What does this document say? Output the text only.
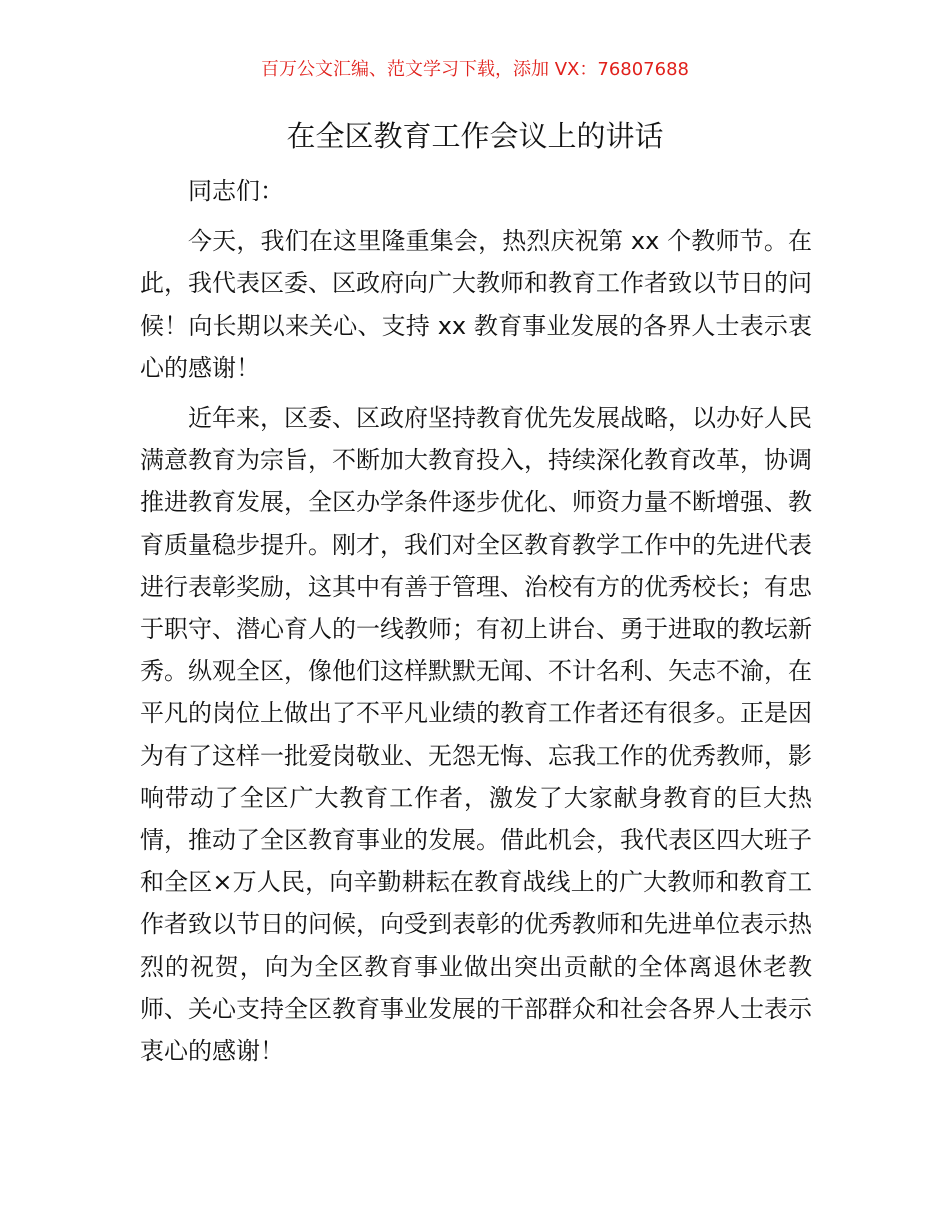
百万公文汇编、范文学习下载，添加 VX：76807688
在全区教育工作会议上的讲话

同志们：

今天，我们在这里隆重集会，热烈庆祝第 xx 个教师节。在此，我代表区委、区政府向广大教师和教育工作者致以节日的问候！向长期以来关心、支持 xx 教育事业发展的各界人士表示衷心的感谢！

近年来，区委、区政府坚持教育优先发展战略，以办好人民满意教育为宗旨，不断加大教育投入，持续深化教育改革，协调推进教育发展，全区办学条件逐步优化、师资力量不断增强、教育质量稳步提升。刚才，我们对全区教育教学工作中的先进代表进行表彰奖励，这其中有善于管理、治校有方的优秀校长；有忠于职守、潜心育人的一线教师；有初上讲台、勇于进取的教坛新秀。纵观全区，像他们这样默默无闻、不计名利、矢志不渝，在平凡的岗位上做出了不平凡业绩的教育工作者还有很多。正是因为有了这样一批爱岗敬业、无怨无悔、忘我工作的优秀教师，影响带动了全区广大教育工作者，激发了大家献身教育的巨大热情，推动了全区教育事业的发展。借此机会，我代表区四大班子和全区×万人民，向辛勤耕耘在教育战线上的广大教师和教育工作者致以节日的问候，向受到表彰的优秀教师和先进单位表示热烈的祝贺，向为全区教育事业做出突出贡献的全体离退休老教师、关心支持全区教育事业发展的干部群众和社会各界人士表示衷心的感谢！
